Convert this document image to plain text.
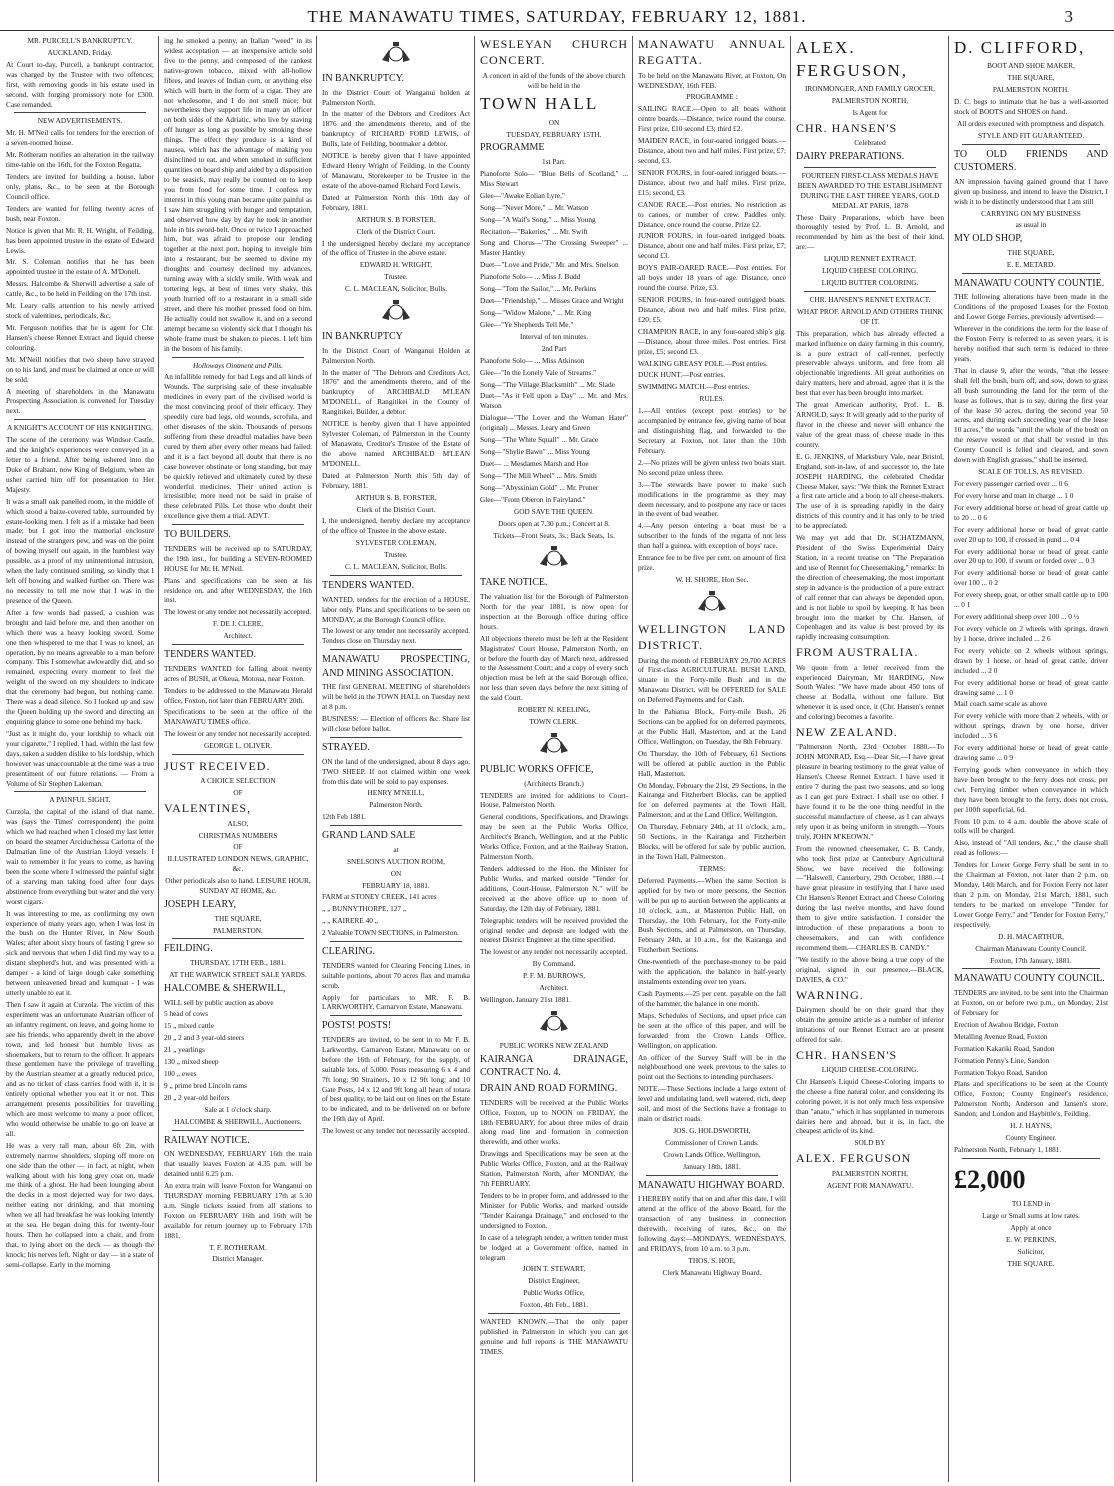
THE MANAWATU TIMES, SATURDAY, FEBRUARY 12, 1881.	3

MR. PURCELL'S BANKRUPTCY.

AUCKLAND, Friday.

At Court to-day, Purcell, a bankrupt contractor, was charged by the Trustee with two offences; first, with removing goods in his estate used in second, with forging promissory note for £300. Case remanded.

NEW ADVERTISEMENTS.

Mr. H. M'Neil calls for tenders for the erection of a seven-roomed house.

Mr. Rotheram notifies an alteration in the railway time-table on the 16th, for the Foxton Regatta.

Tenders are invited for building a house, labor only, plans, &c., to be seen at the Borough Council office.

Tenders are wanted for felling twenty acres of bush, near Foxton.

Notice is given that Mr. R. H. Wright, of Feilding, has been appointed trustee in the estate of Edward Lewis.

Mr. S. Coleman notifies that he has been appointed trustee in the estate of A. M'Donell.

Messrs. Halcombe & Sherwill advertise a sale of cattle, &c., to be held in Feilding on the 17th inst.

Mr. Leary calls attention to his newly arrived stock of valentines, periodicals, &c.

Mr. Ferguson notifies that he is agent for Chr. Hansen's cheese Rennet Extract and liquid cheese colouring.

Mr. M'Neill notifies that two sheep have strayed on to his land, and must be claimed at once or will be sold.

A meeting of shareholders in the Manawatu Prospecting Association is convened for Tuesday next.

A KNIGHT'S ACCOUNT OF HIS KNIGHTING.

The scene of the ceremony was Windsor Castle, and the knight's experiences were conveyed in a letter to a friend. After being ushered into the Duke of Brabant, now King of Belgium, when an usher carried him off for presentation to Her Majesty.

It was a small oak panelled room, in the middle of which stood a baize-covered table, surrounded by estate-looking men. I felt as if a mistake had been made; but I got into the mamorial enclosure instead of the strangers pew, and was on the point of bowing myself out again, in the humblest way possible, as a proof of my unintentional intrusion, when the lady continued smiling, so kindly that I left off bowing and walked further on. There was no necessity to tell me now that I was in the presence of the Queen.

After a few words had passed, a cushion was brought and laid before me, and then another on which there was a heavy looking sword. Some one then whispered to me that I was to kneel, an operation, by no means agreeable to a man before company. This I somewhat awkwardly did, and so remained, expecting every moment to feel the weight of the sword on my shoulders to indicate that the ceremony had begun, but nothing came. There was a dead silence. So I looked up and saw the Queen holding up the sword and directing an enquiring glance to some one behind my back.

"Just as it might do, your lordship to whack out your cigarette," I replied. I had, within the last few days, taken a sudden dislike to his lordship, which however was unaccountable at the time was a true presentiment of our future relations. — From a Volume of Sir Stephen Lakeman.

A PAINFUL SIGHT.

Curzola, the capital of the island of that name, was (says the Times' correspondent) the point which we had reached when I closed my last letter on board the steamer Arciduchessa Carlotta of the Dalmatian line of the Austrian Lloyd vessels. I wait to remember it for years to come, as having been the scene where I witnessed the painful sight of a starving man taking food after four days abstinence from everything but water and the very worst cigars.

It was interesting to me, as confirming my own experience of many years ago, when I was lost in the bush on the Hunter River, in New South Wales; after about sixty hours of fasting I grew so sick and nervous that when I did find my way to a distant shepherd's hut, and was presented with a damper - a kind of large dough cake something between unleavened bread and kumquat - I was utterly unable to eat it.

Then I saw it again at Curzola. The victim of this experiment was an unfortunate Austrian officer of an infantry regiment, on leave, and going home to see his friends, who apparently dwelt in the above town, and led honest but humble lives as shoemakers, but to return to the officer. It appears these gentlemen have the privilege of travelling by the Austrian steamer at a greatly reduced price, and as no ticket of class carries food with it, it is entirely optional whether you eat it or not. This arrangement presents possibilities for travelling which are most welcome to many a poor officer, who would otherwise be unable to go on leave at all.

He was a very tall man, about 6ft 2in, with extremely narrow shoulders, sloping off more on one side than the other — in fact, at night, when walking about with his long grey coat on, made me think of a ghost. He had been lounging about the decks in a most dejected way for two days, neither eating nor drinking, and that morning when we all had breakfast he was looking intently at the sea. He began doing this for twenty-four hours. Then he collapsed into a chair, and from that, to lying abort on the deck — as though the knock; his nerves left. Night or day — in a state of semi-collapse. Early in the morning

ing he smoked a penny, an Italian "weed" in its widest acceptation — an inexpensive article sold five to the penny, and composed of the rankest native-grown tobacco, mixed with all-hollow fibres, and leaves of Indian corn, or anything else which will burn in the form of a cigar. They are not wholesome, and I do not smell mice; but nevertheless they support life in many an officer on both sides of the Adriatic, who live by staving off hunger as long as possible by smoking these things. The effect they produce is a kind of nausea, which has the advantage of making you disinclined to eat, and when smoked in sufficient quantities on board ship and aided by a disposition to be seasick, may really be counted on to keep you from food for some time. I confess my interest in this young man became quite painful as I saw him struggling with hunger and temptation, and observed how day by day he took in another hole in his sword-belt. Once or twice I approached him, but was afraid to propose our lending together at the next port, hoping to inveigle him into a restaurant, but he seemed to divine my thoughts and courtesy declined my advances, turning away with a sickly smile. With weak and tottering legs, at best of times very shaky, this youth hurried off to a restaurant in a small side street, and there his mother pressed food on him. He actually could not swallow it, and on a second attempt became so violently sick that I thought his whole frame must be shaken to pieces. I left him in the bosom of his family.

Holloways Ointment and Pills.

An infallible remedy for bad Legs and all kinds of Wounds. The surprising sale of these invaluable medicines in every part of the civilised world is the most convincing proof of their efficacy. They speedily cure bad legs, old wounds, scrofula, and other diseases of the skin. Thousands of persons suffering from these dreadful maladies have been cured by them after every other means had failed: and it is a fact beyond all doubt that there is no case however obstinate or long standing, but may be quickly relieved and ultimately cured by these wonderful medicines. Their united action is irresistible; more need not be said in praise of these celebrated Pills. Let those who doubt their excellence give them a trial. ADVT.

TO BUILDERS.

TENDERS will be received up to SATURDAY, the 19th inst., for building a SEVEN-ROOMED HOUSE for Mr. H. M'Neil.

Plans and specifications can be seen at his residence on, and after WEDNESDAY, the 16th inst.

The lowest or any tender not necessarily accepted.

F. DE J. CLERE,

Architect.

TENDERS WANTED.

TENDERS WANTED for falling about twenty acres of BUSH, at Okeua, Motoua, near Foxton.

Tenders to be addressed to the Manawatu Herald office, Foxton, not later than FEBRUARY 20th.

Specifications to be seen at the office of the MANAWATU TIMES office.

The lowest or any tender not necessarily accepted.

GEORGE L. OLIVER.

JUST RECEIVED.

A CHOICE SELECTION

OF

VALENTINES,

ALSO,

CHRISTMAS NUMBERS

OF

ILLUSTRATED LONDON NEWS, GRAPHIC, &c.

Other periodicals also to hand. LEISURE HOUR, SUNDAY AT HOME, &c.

JOSEPH LEARY,

THE SQUARE,

PALMERSTON.

FEILDING.

THURSDAY, 17TH FEB., 1881.

AT THE WARWICK STREET SALE YARDS.

HALCOMBE & SHERWILL,

WILL sell by public auction as above

5 head of cows

15 „ mixed cattle

20 „ 2 and 3 year-old steers

21 „ yearlings

130 „ mixed sheep

100 „ ewes

9 „ prime bred Lincoln rams

20 „ 2 year-old heifers

Sale at 1 o'clock sharp.

HALCOMBE & SHERWILL, Auctioneers.

RAILWAY NOTICE.

ON WEDNESDAY, FEBRUARY 16th the train that usually leaves Foxton at 4.35 p.m. will be detained until 6.25 p.m.

An extra train will leave Foxton for Wanganui on THURSDAY morning FEBRUARY 17th at 5.30 a.m. Single tickets issued from all stations to Foxton on FEBRUARY 16th and 16th will be available for return journey up to February 17th 1881.

T. F. ROTHERAM.

District Manager.

IN BANKRUPTCY.

In the District Court of Wanganui holden at Palmerston North.

In the matter of the Debtors and Creditors Act 1876 and the amendments thereto, and of the bankruptcy of RICHARD FORD LEWIS, of Bulls, late of Feilding, bootmaker a debtor.

NOTICE is hereby given that I have appointed Edward Henry Wright of Feilding, in the County of Manawatu, Storekeeper to be Trustee in the estate of the above-named Richard Ford Lewis.

Dated at Palmerston North this 10th day of February, 1881.

ARTHUR S. B FORSTER,

Clerk of the District Court.

I the undersigned hereby declare my acceptance of the office of Trustee in the above estate.

EDWARD H. WRIGHT,

Trustee.

C. L. MACLEAN, Solicitor, Bulls.

IN BANKRUPTCY

In the District Court of Wanganui Holden at Palmerston North.

In the matter of "The Debtors and Creditors Act, 1876" and the amendments thereto, and of the bankruptcy of ARCHIBALD M'LEAN M'DONELL, of Rangitikei in the County of Rangitikei, Builder, a debtor.

NOTICE is hereby given that I have appointed Sylvester Coleman, of Palmerston in the County of Manawatu, Creditor's Trustee of the Estate of the above named ARCHIBALD M'LEAN M'DONELL.

Dated at Palmerston North this 5th day of February, 1881.

ARTHUR S. B. FORSTER,

Clerk of the District Court.

I, the undersigned, hereby declare my acceptance of the office of Trustee in the above estate.

SYLVESTER COLEMAN,

Trustee.

C. L. MACLEAN, Solicitor, Bulls.

TENDERS WANTED.

WANTED, tenders for the erection of a HOUSE, labor only. Plans and specifications to be seen on MONDAY, at the Borough Council office.

The lowest or any tender not necessarily accepted. Tenders close on Thursday next.

MANAWATU PROSPECTING, AND MINING ASSOCIATION.

THE first GENERAL MEETING of shareholders will be held in the TOWN HALL on Tuesday next at 8 p.m.

BUSINESS: — Election of officers &c. Share list will close before ballot.

STRAYED.

ON the land of the undersigned, about 8 days ago, TWO SHEEP. If not claimed within one week from this date will be sold to pay expenses.

HENRY M'NEILL,

Palmerston North.

12th Feb 1881.

GRAND LAND SALE

at

SNELSON'S AUCTION ROOM,

ON

FEBRUARY 18, 1881.

FARM at STONEY CREEK, 141 acres

„ „ BUNNYTHORPE, 127 „

„ „ KAIRERE 40 „

2 Valuable TOWN SECTIONS, in Palmerston.

CLEARING.

TENDERS wanted for Clearing Fencing Lines, in suitable portions, about 70 acres flax and manuka scrub.

Apply for particulars to MR. F. B. LARKWORTHY, Carnarvon Estate, Manawatu.

POSTS! POSTS!

TENDERS are invited, to be sent in to Mr F. B. Larkworthy, Carnarvon Estate, Manawatu on or before the 16th of February, for the supply, of suitable lots, of 5,000. Posts measuring 6 x 4 and 7ft long; 90 Strainers, 10 x 12 9ft long; and 10 Gate Posts, 14 x 12 and 9ft long all heart of totara of best quality, to be laid out on lines on the Estate to be indicated, and to be delivered on or before the 16th day of April.

The lowest or any tender not necessarily accepted.

WESLEYAN CHURCH CONCERT.

A concert in aid of the funds of the above church will be held in the

TOWN HALL

ON

TUESDAY, FEBRUARY 15TH.

PROGRAMME

1st Part.

Pianoforte Solo— "Blue Bells of Scotland," ... Miss Stewart

Glee—"Awake Eolian Lyre,"

Song—"Never More," ... Mr. Watson

Song—"A Waif's Song," ... Miss Young

Recitation—"Bakeries," ... Mr. Swift

Song and Chorus—"The Crossing Sweeper" ... Master Hantley

Duet—"Love and Pride," Mr. and Mrs. Snelson

Pianoforte Solo— ... Miss J. Budd

Song—"Tom the Sailor," ... Mr. Perkins

Duet—"Friendship," ... Misses Grace and Wright

Song—"Widow Malone," ... Mr. King

Glee—"Ye Shepherds Tell Me."

Interval of ten minutes.

2nd Part

Pianoforte Solo— ... Miss Atkinson

Glee—"In the Lonely Vale of Streams."

Song—"The Village Blacksmith" ... Mr. Slade

Duet—"As it Fell upon a Day" ... Mr. and Mrs. Watson

Dialogue—"The Lover and the Woman Hater" (original) ... Messrs. Leary and Green

Song—"The White Squall" ... Mr. Grace

Song—"Shylie Bawn" ... Miss Young

Duet— ... Mesdames Marsh and Hoe

Song—"The Mill Wheel" ... Mrs. Smith

Song—"Abyssinian Gold" ... Mr. Pruner

Glee—"From Oberon in Fairyland."

GOD SAVE THE QUEEN.

Doors open at 7.30 p.m.; Concert at 8.

Tickets—Front Seats, 3s.; Back Seats, 1s.

TAKE NOTICE.

The valuation list for the Borough of Palmerston North for the year 1881, is now open for inspection at the Borough office during office hours.

All objections thereto must be left at the Resident Magistrates' Court House, Palmerston North, on or before the fourth day of March next, addressed to the Assessment Court; and a copy of every such objection must be left at the said Borough office, not less than seven days before the next sitting of the said Court.

ROBERT N. KEELING,

TOWN CLERK.

PUBLIC WORKS OFFICE,

(Architects Branch.)

TENDERS are invited for additions to Court-House, Palmerston North.

General conditions, Specifications, and Drawings may be seen at the Public Works Office, Architect's Branch, Wellington, and at the Public Works Office, Foxton, and at the Railway Station, Palmerston North.

Tenders addressed to the Hon. the Minister for Public Works, and marked outside "Tender for additions, Court-House, Palmerston N." will be received at the above office up to noon of Saturday, the 12th day of February, 1881.

Telegraphic tenders will be received provided the original tender and deposit are lodged with the nearest District Engineer at the time specified.

The lowest or any tender not necessarily accepted.

By Command.

P. F. M. BURROWS,

Architect.

Wellington, January 21st 1881.

PUBLIC WORKS NEW ZEALAND

KAIRANGA DRAINAGE, CONTRACT No. 4.

DRAIN AND ROAD FORMING.

TENDERS will be received at the Public Works Office, Foxton, up to NOON on FRIDAY, the 18th FEBRUARY, for about three miles of drain along road line and formation in connection therewith, and other works.

Drawings and Specifications may be seen at the Public Works Office, Foxton, and at the Railway Station, Palmerston North, after MONDAY, the 7th FEBRUARY.

Tenders to be in proper form, and addressed to the Minister for Public Works, and marked outside "Tender Kairanga Drainage," and enclosed to the undersigned to Foxton.

In case of a telegraph tender, a written tender must be lodged at a Government office, named in telegram

JOHN T. STEWART,

District Engineer,

Public Works Office,

Foxton, 4th Feb., 1881.

WANTED KNOWN.—That the only paper published in Palmerston in which you can get genuine and full reports is THE MANAWATU TIMES.

MANAWATU ANNUAL REGATTA.

To be held on the Manawatu River, at Foxton, On WEDNESDAY, 16th FEB.

PROGRAMME :

SAILING RACE.—Open to all boats without centre boards.—Distance, twice round the course. First prize, £10 second £3; third £2.

MAIDEN RACE, in four-oared inrigged boats.—Distance, about two and half miles. First prize, £7; second, £3.

SENIOR FOURS, in four-oared inrigged boats.—Distance, about two and half miles. First prize, £15; second, £3.

CANOE RACE.—Post entries. No restriction as to canoes, or number of crew. Paddles only. Distance, once round the course. Prize £2.

JUNIOR FOURS, in four-oared inrigged boats. Distance, about one and half miles. First prize, £7; second £3.

BOYS PAIR-OARED RACE.—Post entries. For all boys under 18 years of age. Distance, once round the course. Prize, £3.

SENIOR FOURS, in four-oared outrigged boats. Distance, about two and half miles. First prize, £20; £5.

CHAMPION RACE, in any four-oared ship's gig.—Distance, about three miles. Post entries. First prize, £5; second £3.

WALKING GREASY POLE.—Post entries.

DUCK HUNT.—Post entries.

SWIMMING MATCH.—Post entries.

RULES.

1.—All entries (except post entries) to be accompanied by entrance fee, giving name of boat and distinguishing flag, and forwarded to the Secretary at Foxton, not later than the 10th February.

2.—No prizes will be given unless two boats start. No second prize unless three.

3.—The stewards have power to make such modifications in the programme as they may deem necessary, and to postpone any race or races in the event of bad weather.

4.—Any person entering a boat must be a subscriber to the funds of the regatta of not less than half a guinea, with exception of boys' race.

Entrance fee to be five per cent. on amount of first prize.

W. H. SHORE, Hon Sec.

WELLINGTON LAND DISTRICT.

During the month of FEBRUARY 29,700 ACRES of First-class AGRICULTURAL BUSH LAND, situate in the Forty-mile Bush and in the Manawatu District, will be OFFERED for SALE on Deferred Payments and for Cash.

In the Pahiatua Block, Forty-mile Bush, 26 Sections can be applied for on deferred payments, at the Public Hall, Masterton, and at the Land Office, Wellington, on Tuesday, the 8th February.

On Thursday, the 10th of February, 61 Sections will be offered at public auction in the Public Hall, Masterton.

On Monday, February the 21st, 29 Sections, in the Kairanga and Fitzherbert Blocks, can be applied for on deferred payments at the Town Hall, Palmerston, and at the Land Office, Wellington.

On Thursday, February 24th, at 11 o'clock, a.m., 50 Sections, in the Kairanga and Fitzherbert Blocks, will be offered for sale by public auction, in the Town Hall, Palmerston.

TERMS:

Deferred Payments.—When the same Section is applied for by two or more persons, the Section will be put up to auction between the applicants at 10 o'clock, a.m., at Masterton Public Hall, on Thursday, the 10th February, for the Forty-mile Bush Sections, and at Palmerston, on Thursday, February 24th, at 10 a.m., for the Kairanga and Fitzherbert Sections.

One-twentieth of the purchase-money to be paid with the application, the balance in half-yearly instalments extending over ten years.

Cash Payments.—25 per cent. payable on the fall of the hammer, the balance in one month.

Maps, Schedules of Sections, and upset price can be seen at the office of this paper, and will be forwarded from the Crown Lands Office, Wellington, on application.

An officer of the Survey Staff will be in the neighbourhood one week previous to the sales to point out the Sections to intending purchasers.

NOTE.—These Sections include a large extent of level and undulating land, well watered, rich, deep soil, and most of the Sections have a frontage to main or district roads.

JOS. G. HOLDSWORTH,

Commissioner of Crown Lands.

Crown Lands Office, Wellington,

January 18th, 1881.

MANAWATU HIGHWAY BOARD.

I HEREBY notify that on and after this date, I will attend at the office of the above Board, for the transaction of any business in connection therewith, receiving of rates, &c., on the following days:—MONDAYS, WEDNESDAYS, and FRIDAYS, from 10 a.m. to 3 p.m.

THOS. S. HOE,

Clerk Manawatu Highway Board.

ALEX. FERGUSON,

IRONMONGER, AND FAMILY GROCER,

PALMERSTON NORTH,

Is Agent for

CHR. HANSEN'S

Celebrated

DAIRY PREPARATIONS.

FOURTEEN FIRST-CLASS MEDALS HAVE BEEN AWARDED TO THE ESTABLISHMENT DURING THE LAST THREE YEARS, GOLD MEDAL AT PARIS, 1878

These Dairy Preparations, which have been thoroughly tested by Prof. L. B. Arnold, and recommended by him as the best of their kind, are:—

LIQUID RENNET EXTRACT.

LIQUID CHEESE COLORING.

LIQUID BUTTER COLORING.

CHR. HANSEN'S RENNET EXTRACT.

WHAT PROF. ARNOLD AND OTHERS THINK OF IT.

This preparation, which has already effected a marked influence on dairy farming in this country, is a pure extract of calf-rennet, perfectly preservable always uniform, and free from all objectionable ingredients. All great authorities on dairy matters, here and abroad, agree that it is the best that ever has been brought into market.

The great American authority, Prof. L. B. ARNOLD, says: It will greatly add to the purity of flavor in the cheese and never will enhance the value of the great mass of cheese made in this country.

E. G. JENKINS, of Marksbury Vale, near Bristol, England, son-in-law, of and successor to, the late JOSEPH HARDING, the celebrated Cheddar Cheese Maker, says: "We think the Rennet Extract a first rate article and a boon to all cheese-makers. The use of it is spreading rapidly in the dairy districts of this country and it has only to be tried to be appreciated.

We may yet add that Dr. SCHATZMANN, President of the Swiss Experimental Dairy Station, in a recent treatise on "The Preparation and use of Rennet for Cheesemaking," remarks: In the direction of cheesemaking, the most important step in advance is the production of a pure extract of calf rennet that can always be depended upon, and is not liable to spoil by keeping. It has been brought into the market by Chr. Hansen, of Copenhagen and its value is best proved by its rapidly increasing consumption.

FROM AUSTRALIA.

We quote from a letter received from the experienced Dairyman, Mr HARDING, New South Wales: "We have made about 450 tons of cheese at Bodalla, without one failure. But whenever it is used once, it (Chr. Hansen's rennet and coloring) becomes a favorite.

NEW ZEALAND.

"Palmerston North, 23rd October 1880.—To JOHN MONRAD, Esq.—Dear Sir,—I have great pleasure in bearing testimony to the great value of Hansen's Cheese Rennet Extract. I have used it entire 7 during the past two seasons, and so long as I can get pure Extract. I shall use no other. I have found it to be the one thing needful in the successful manufacture of cheese, as I can always rely upon it as being uniform in strength.—Yours truly, JOHN M'KEOWN."

From the renowned cheesemaker, C. B. Candy, who took first prize at Canterbury Agricultural Show, we have received the following:—"Halswell, Canterbury, 29th October, 1880.—I have great pleasure in testifying that I have used Chr Hansen's Rennet Extract and Cheese Coloring during the last twelve months, and have found them to give entire satisfaction. I consider the introduction of these preparations a boon to cheesemakers, and can with confidence recommend them.—CHARLES B. CANDY."

"We testify to the above being a true copy of the original, signed in our presence.—BLACK, DAVIES, & CO."

WARNING.

Dairymen should be on their guard that they obtain the genuine article as a number of inferior imitations of our Rennet Extract are at present offered for sale.

CHR. HANSEN'S

LIQUID CHEESE-COLORING.

Chr Hansen's Liquid Cheese-Coloring imparts to the cheese a fine natural color, and considering its coloring power, it is not only much less expensive than "anato," which it has supplanted in numerous dairies here and abroad, but it is, in fact, the cheapest article of its kind.

SOLD BY

ALEX. FERGUSON

PALMERSTON NORTH,

AGENT FOR MANAWATU.

D. CLIFFORD,

BOOT AND SHOE MAKER,

THE SQUARE,

PALMERSTON NORTH.

D. C. begs to intimate that he has a well-assorted stock of BOOTS and SHOES on hand.

All orders executed with promptness and dispatch.

STYLE AND FIT GUARANTEED.

TO OLD FRIENDS AND CUSTOMERS.

AN impression having gained ground that I have given up business, and intend to leave the District, I wish it to be distinctly understood that I am still

CARRYING ON MY BUSINESS

as usual in

MY OLD SHOP,

THE SQUARE,

E. E. METARD.

MANAWATU COUNTY COUNTIE.

THE following alterations have been made in the Conditions of the proposed Leases for the Foxton and Lower Gorge Ferries, previously advertised:—

Wherever in the conditions the term for the lease of the Foxton Ferry is referred to as seven years, it is hereby notified that such term is reduced to three years.

That in clause 9, after the words, "that the lessee shall fell the bush, burn off, and sow, down to grass all bush surrounding the land for the term of the lease as follows, that is to say, during the first year of the lease 50 acres, during the second year 50 acres, and during each succeeding year of the lease 10 acres," the words "until the whole of the bush on the reserve vested or that shall be vested in this County Council is felled and cleared, and sown down with English grasses," shall be inserted.

SCALE OF TOLLS, AS REVISED.

For every passenger carried over ... 0 6

For every horse and man in charge ... 1 0

For every additional horse or head of great cattle up to 20 ... 0 6

For every additional horse or head of great cattle over 20 up to 100, if crossed in pund ... 0 4

For every additional horse or head of great cattle over 20 up to 100, if swum or forded over ... 0 3

For every additional horse or head of great cattle over 100 ... 0 2

For every sheep, goat, or other small cattle up to 100 ... 0 1

For every additional sheep over 100 ... 0 ½

For every vehicle on 2 wheels with springs, drawn by 1 horse, driver included ... 2 6

For every vehicle on 2 wheels without springs, drawn by 1 horse, or head of great cattle, driver included ... 2 0

For every additional horse or head of great cattle drawing same ... 1 0

Mail coach same scale as above

For every vehicle with more than 2 wheels, with or without springs, drawn by one horse, driver included ... 3 6

For every additional horse or head of great cattle drawing same ... 0 9

Ferrying goods when conveyance in which they have been brought to the ferry does not cross, per cwt. Ferrying timber when conveyance in which they have been brought to the ferry, does not cross, per 100ft superficial, 6d.

From 10 p.m. to 4 a.m. double the above scale of tolls will be charged.

Also, instead of "All tenders, &c.," the clause shall read as follows:—

Tenders for Lower Gorge Ferry shall be sent in to the Chairman at Foxton, not later than 2 p.m. on Monday, 14th March, and for Foxton Ferry not later than 2 p.m. on Monday, 21st March, 1881, such tenders to be marked on envelope "Tender for Lower Gorge Ferry," and "Tender for Foxton Ferry," respectively.

D. H. MACARTHUR,

Chairman Manawatu County Council.

Foxton, 17th January, 1881.

MANAWATU COUNTY COUNCIL.

TENDERS are invited, to be sent into the Chairman at Foxton, on or before two p.m., on Monday, 21st of February for

Erection of Awahou Bridge, Foxton

Metalling Avenue Road, Foxton

Formation Kakariki Road, Sandon

Formation Penny's Line, Sandon

Formation Tokyo Road, Sandon

Plans and specifications to be seen at the County Office, Foxton; County Engineer's residence, Palmerston North; Anderson and Jansen's store, Sandon; and London and Haybittle's, Feilding.

H. J. HAYNS,

County Engineer.

Palmerston North, February 1, 1881.

£2,000

TO LEND in

Large or Small sums at low rates.

Apply at once

E. W. PERKINS,

Solicitor,

THE SQUARE.
